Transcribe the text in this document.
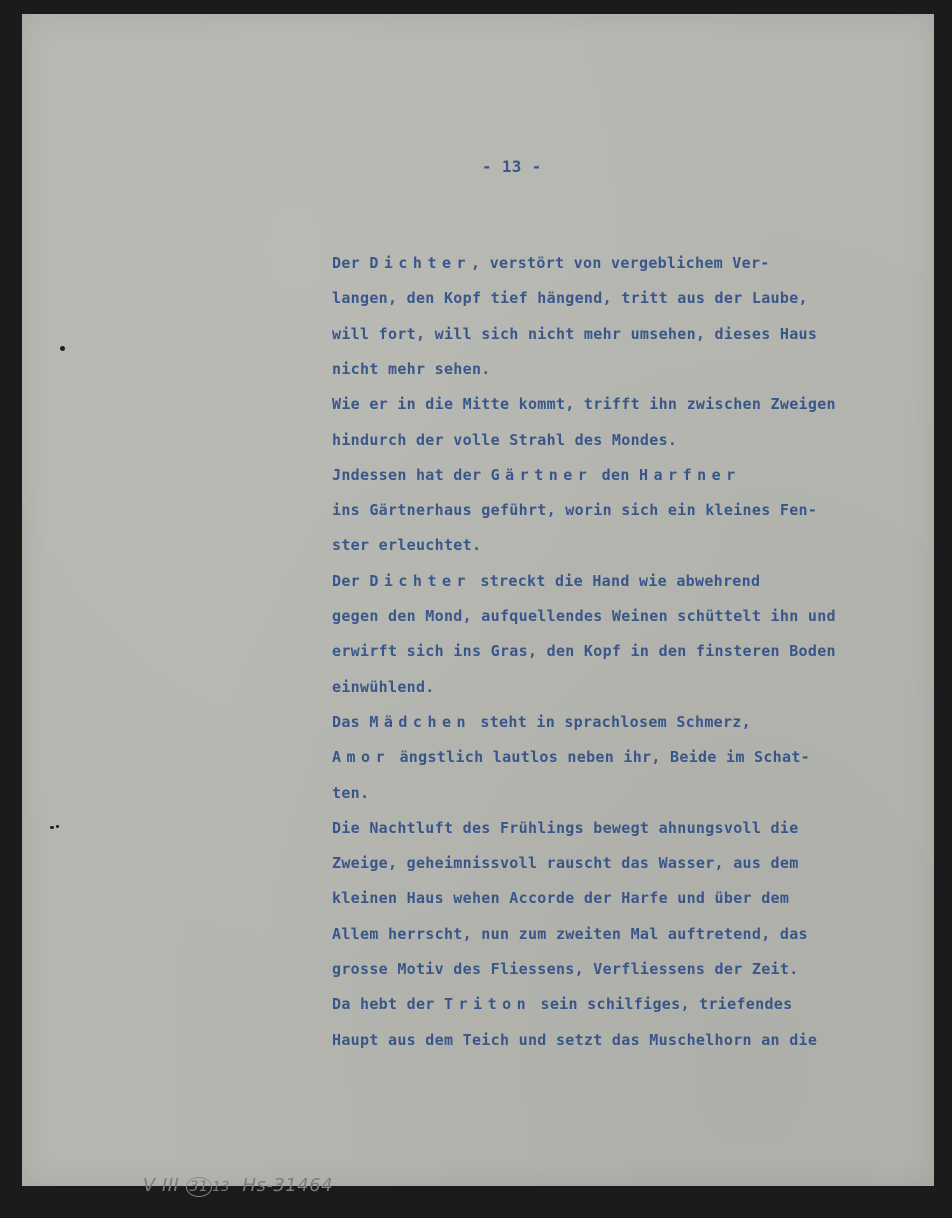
- 13 -
Der Dichter, verstört von vergeblichem Ver-
langen, den Kopf tief hängend, tritt aus der Laube,
will fort, will sich nicht mehr umsehen, dieses Haus
nicht mehr sehen.
Wie er in die Mitte kommt, trifft ihn zwischen Zweigen
hindurch der volle Strahl des Mondes.
Jndessen hat der Gärtner den Harfner
ins Gärtnerhaus geführt, worin sich ein kleines Fen-
ster erleuchtet.
Der Dichter streckt die Hand wie abwehrend
gegen den Mond, aufquellendes Weinen schüttelt ihn und
erwirft sich ins Gras, den Kopf in den finsteren Boden
einwühlend.
Das Mädchen steht in sprachlosem Schmerz,
Amor ängstlich lautlos neben ihr, Beide im Schat-
ten.
Die Nachtluft des Frühlings bewegt ahnungsvoll die
Zweige, geheimnissvoll rauscht das Wasser, aus dem
kleinen Haus wehen Accorde der Harfe und über dem
Allem herrscht, nun zum zweiten Mal auftretend, das
grosse Motiv des Fliessens, Verfliessens der Zeit.
Da hebt der Triton sein schilfiges, triefendes
Haupt aus dem Teich und setzt das Muschelhorn an die

V III 31 13 Hs-31464
